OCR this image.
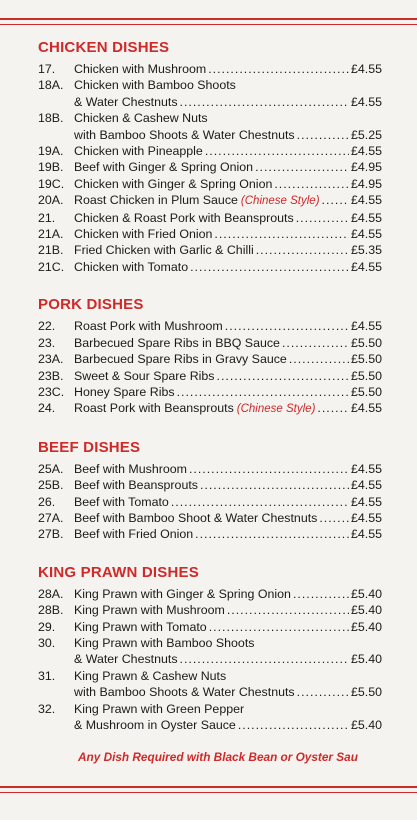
CHICKEN DISHES
17.	Chicken with Mushroom .....	£4.55
18A. Chicken with Bamboo Shoots
& Water Chestnuts .....	£4.55
18B. Chicken & Cashew Nuts
with Bamboo Shoots & Water Chestnuts .....	£5.25
19A. Chicken with Pineapple .....	£4.55
19B. Beef with Ginger & Spring Onion .....	£4.95
19C. Chicken with Ginger & Spring Onion .....	£4.95
20A. Roast Chicken in Plum Sauce (Chinese Style) .....	£4.55
21.	Chicken & Roast Pork with Beansprouts .....	£4.55
21A. Chicken with Fried Onion .....	£4.55
21B. Fried Chicken with Garlic & Chilli .....	£5.35
21C. Chicken with Tomato .....	£4.55
PORK DISHES
22.	Roast Pork with Mushroom .....	£4.55
23.	Barbecued Spare Ribs in BBQ Sauce .....	£5.50
23A. Barbecued Spare Ribs in Gravy Sauce .....	£5.50
23B. Sweet & Sour Spare Ribs .....	£5.50
23C. Honey Spare Ribs .....	£5.50
24.	Roast Pork with Beansprouts (Chinese Style) .....	£4.55
BEEF DISHES
25A. Beef with Mushroom .....	£4.55
25B. Beef with Beansprouts .....	£4.55
26.	Beef with Tomato .....	£4.55
27A. Beef with Bamboo Shoot & Water Chestnuts .....	£4.55
27B. Beef with Fried Onion .....	£4.55
KING PRAWN DISHES
28A. King Prawn with Ginger & Spring Onion .....	£5.40
28B. King Prawn with Mushroom .....	£5.40
29.	King Prawn with Tomato .....	£5.40
30.	King Prawn with Bamboo Shoots
& Water Chestnuts .....	£5.40
31.	King Prawn & Cashew Nuts
with Bamboo Shoots & Water Chestnuts .....	£5.50
32.	King Prawn with Green Pepper
& Mushroom in Oyster Sauce .....	£5.40
Any Dish Required with Black Bean or Oyster Sau
